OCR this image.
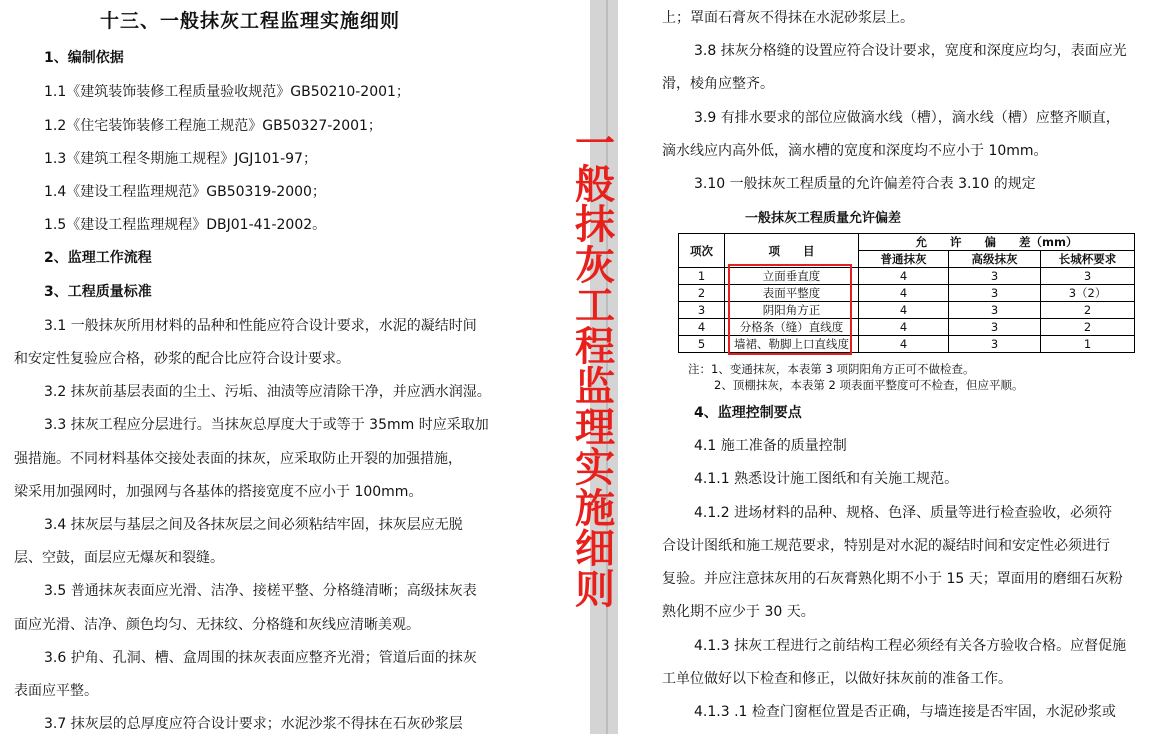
十三、一般抹灰工程监理实施细则
1、编制依据
1.1《建筑装饰装修工程质量验收规范》GB50210-2001；
1.2《住宅装饰装修工程施工规范》GB50327-2001；
1.3《建筑工程冬期施工规程》JGJ101-97；
1.4《建设工程监理规范》GB50319-2000；
1.5《建设工程监理规程》DBJ01-41-2002。
2、监理工作流程
3、工程质量标准
3.1 一般抹灰所用材料的品种和性能应符合设计要求，水泥的凝结时间
和安定性复验应合格，砂浆的配合比应符合设计要求。
3.2 抹灰前基层表面的尘土、污垢、油渍等应清除干净，并应洒水润湿。
3.3 抹灰工程应分层进行。当抹灰总厚度大于或等于 35mm 时应采取加
强措施。不同材料基体交接处表面的抹灰，应采取防止开裂的加强措施，
梁采用加强网时，加强网与各基体的搭接宽度不应小于 100mm。
3.4 抹灰层与基层之间及各抹灰层之间必须粘结牢固，抹灰层应无脱
层、空鼓，面层应无爆灰和裂缝。
3.5 普通抹灰表面应光滑、洁净、接槎平整、分格缝清晰；高级抹灰表
面应光滑、洁净、颜色均匀、无抹纹、分格缝和灰线应清晰美观。
3.6 护角、孔洞、槽、盒周围的抹灰表面应整齐光滑；管道后面的抹灰
表面应平整。
3.7 抹灰层的总厚度应符合设计要求；水泥沙浆不得抹在石灰砂浆层
一
般
抹
灰
工
程
监
理
实
施
细
则
上；罩面石膏灰不得抹在水泥砂浆层上。
3.8 抹灰分格缝的设置应符合设计要求，宽度和深度应均匀，表面应光
滑，棱角应整齐。
3.9 有排水要求的部位应做滴水线（槽），滴水线（槽）应整齐顺直，
滴水线应内高外低，滴水槽的宽度和深度均不应小于 10mm。
3.10 一般抹灰工程质量的允许偏差符合表 3.10 的规定
注：1、变通抹灰，本表第 3 项阴阳角方正可不做检查。
2、顶棚抹灰，本表第 2 项表面平整度可不检查，但应平顺。
4、监理控制要点
4.1 施工准备的质量控制
4.1.1 熟悉设计施工图纸和有关施工规范。
4.1.2 进场材料的品种、规格、色泽、质量等进行检查验收，必须符
合设计图纸和施工规范要求，特别是对水泥的凝结时间和安定性必须进行
复验。并应注意抹灰用的石灰膏熟化期不小于 15 天；罩面用的磨细石灰粉
熟化期不应少于 30 天。
4.1.3 抹灰工程进行之前结构工程必须经有关各方验收合格。应督促施
工单位做好以下检查和修正，以做好抹灰前的准备工作。
4.1.3 .1 检查门窗框位置是否正确，与墙连接是否牢固，水泥砂浆或
一般抹灰工程质量允许偏差
项次	项　　目	允　　许　　偏　　差（mm）		
		普通抹灰	高级抹灰	长城杯要求
1	立面垂直度	4	3	3
2	表面平整度	4	3	3（2）
3	阴阳角方正	4	3	2
4	分格条（缝）直线度	4	3	2
5	墙裙、勒脚上口直线度	4	3	1
